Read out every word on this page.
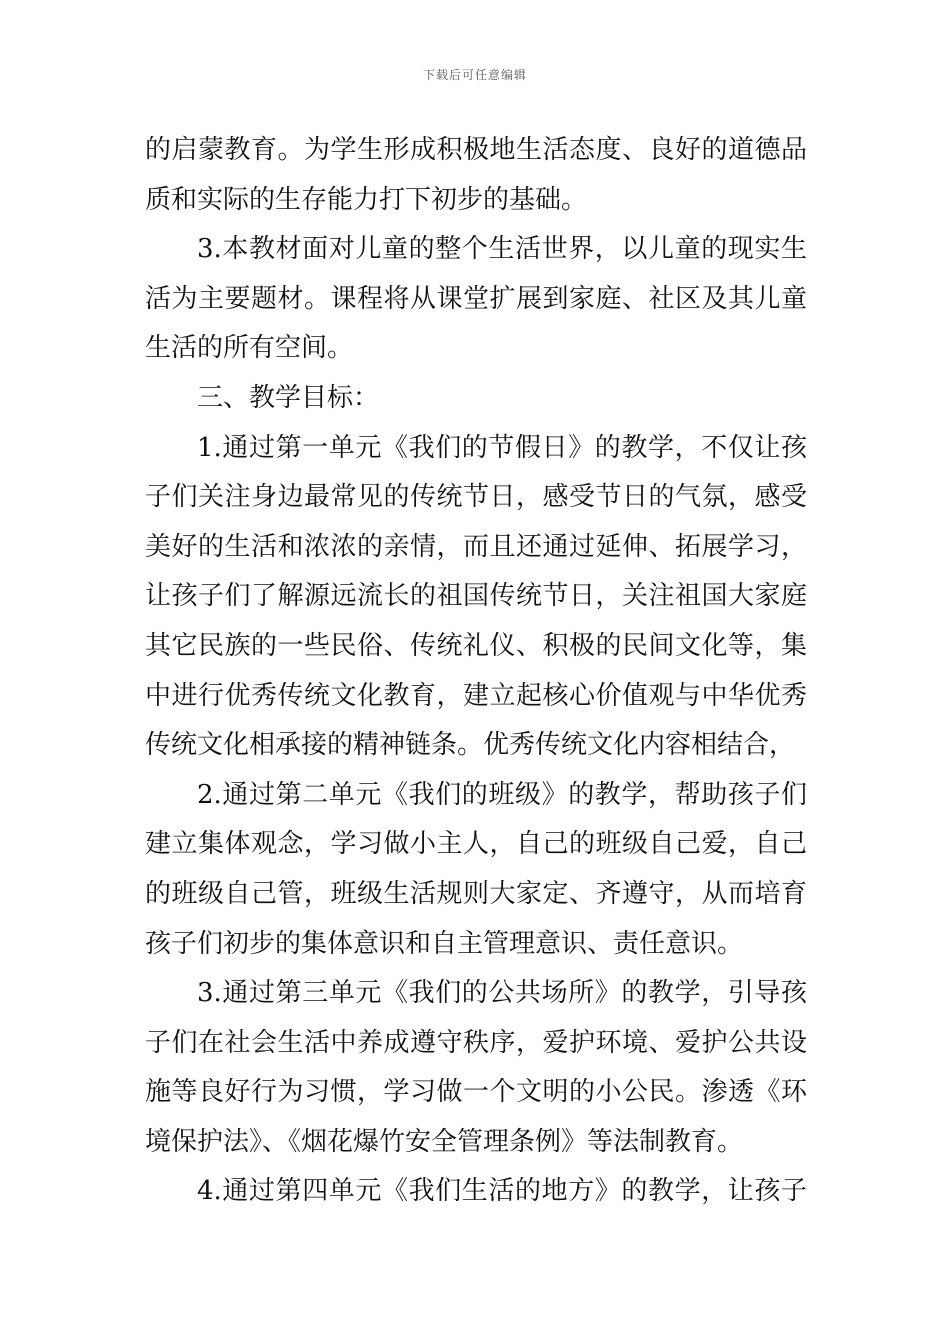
下载后可任意编辑
的启蒙教育。为学生形成积极地生活态度、良好的道德品
质和实际的生存能力打下初步的基础。
3.本教材面对儿童的整个生活世界，以儿童的现实生
活为主要题材。课程将从课堂扩展到家庭、社区及其儿童
生活的所有空间。
三、教学目标：
1.通过第一单元《我们的节假日》的教学，不仅让孩
子们关注身边最常见的传统节日，感受节日的气氛，感受
美好的生活和浓浓的亲情，而且还通过延伸、拓展学习，
让孩子们了解源远流长的祖国传统节日，关注祖国大家庭
其它民族的一些民俗、传统礼仪、积极的民间文化等，集
中进行优秀传统文化教育，建立起核心价值观与中华优秀
传统文化相承接的精神链条。优秀传统文化内容相结合，
2.通过第二单元《我们的班级》的教学，帮助孩子们
建立集体观念，学习做小主人，自己的班级自己爱，自己
的班级自己管，班级生活规则大家定、齐遵守，从而培育
孩子们初步的集体意识和自主管理意识、责任意识。
3.通过第三单元《我们的公共场所》的教学，引导孩
子们在社会生活中养成遵守秩序，爱护环境、爱护公共设
施等良好行为习惯，学习做一个文明的小公民。渗透《环
境保护法》、《烟花爆竹安全管理条例》等法制教育。
4.通过第四单元《我们生活的地方》的教学，让孩子
